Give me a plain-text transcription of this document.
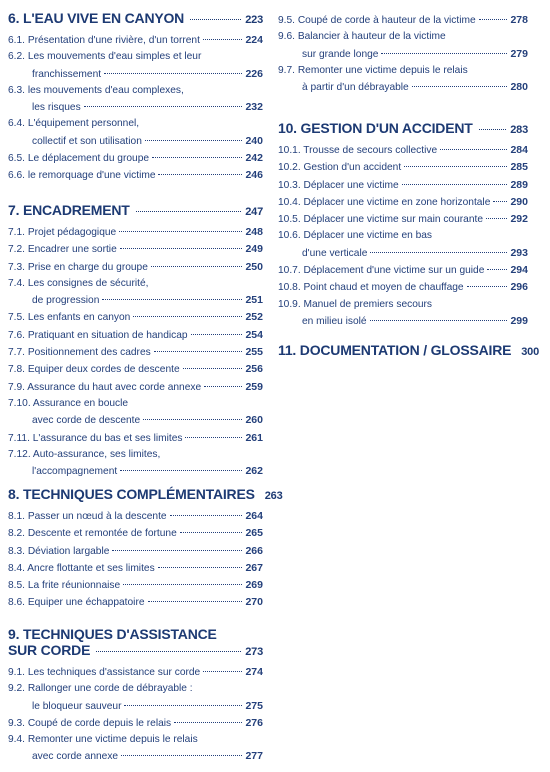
6. L'EAU VIVE EN CANYON	223
6.1. Présentation d'une rivière, d'un torrent	224
6.2. Les mouvements d'eau simples et leur
franchissement	226
6.3. les mouvements d'eau complexes,
les risques	232
6.4. L'équipement personnel,
collectif et son utilisation	240
6.5. Le déplacement du groupe	242
6.6. le remorquage d'une victime	246
7. ENCADREMENT	247
7.1. Projet pédagogique	248
7.2. Encadrer une sortie	249
7.3. Prise en charge du groupe	250
7.4. Les consignes de sécurité,
de progression	251
7.5. Les enfants en canyon	252
7.6. Pratiquant en situation de handicap	254
7.7. Positionnement des cadres	255
7.8. Equiper deux cordes de descente	256
7.9. Assurance du haut avec corde annexe	259
7.10. Assurance en boucle
avec corde de descente	260
7.11. L'assurance du bas et ses limites	261
7.12. Auto-assurance, ses limites,
l'accompagnement	262
8. TECHNIQUES COMPLÉMENTAIRES 263
8.1. Passer un nœud à la descente	264
8.2. Descente et remontée de fortune	265
8.3. Déviation largable	266
8.4. Ancre flottante et ses limites	267
8.5. La frite réunionnaise	269
8.6. Equiper une échappatoire	270
9. TECHNIQUES D'ASSISTANCE
SUR CORDE	273
9.1. Les techniques d'assistance sur corde	274
9.2. Rallonger une corde de débrayable :
le bloqueur sauveur	275
9.3. Coupé de corde depuis le relais	276
9.4. Remonter une victime depuis le relais
avec corde annexe	277
9.5. Coupé de corde à hauteur de la victime	278
9.6. Balancier à hauteur de la victime
sur grande longe	279
9.7. Remonter une victime depuis le relais
à partir d'un débrayable	280
10. GESTION D'UN ACCIDENT	283
10.1. Trousse de secours collective	284
10.2. Gestion d'un accident	285
10.3. Déplacer une victime	289
10.4. Déplacer une victime en zone horizontale 290
10.5. Déplacer une victime sur main courante	292
10.6. Déplacer une victime en bas
d'une verticale	293
10.7. Déplacement d'une victime sur un guide 294
10.8. Point chaud et moyen de chauffage	296
10.9. Manuel de premiers secours
en milieu isolé	299
11. DOCUMENTATION / GLOSSAIRE 300
